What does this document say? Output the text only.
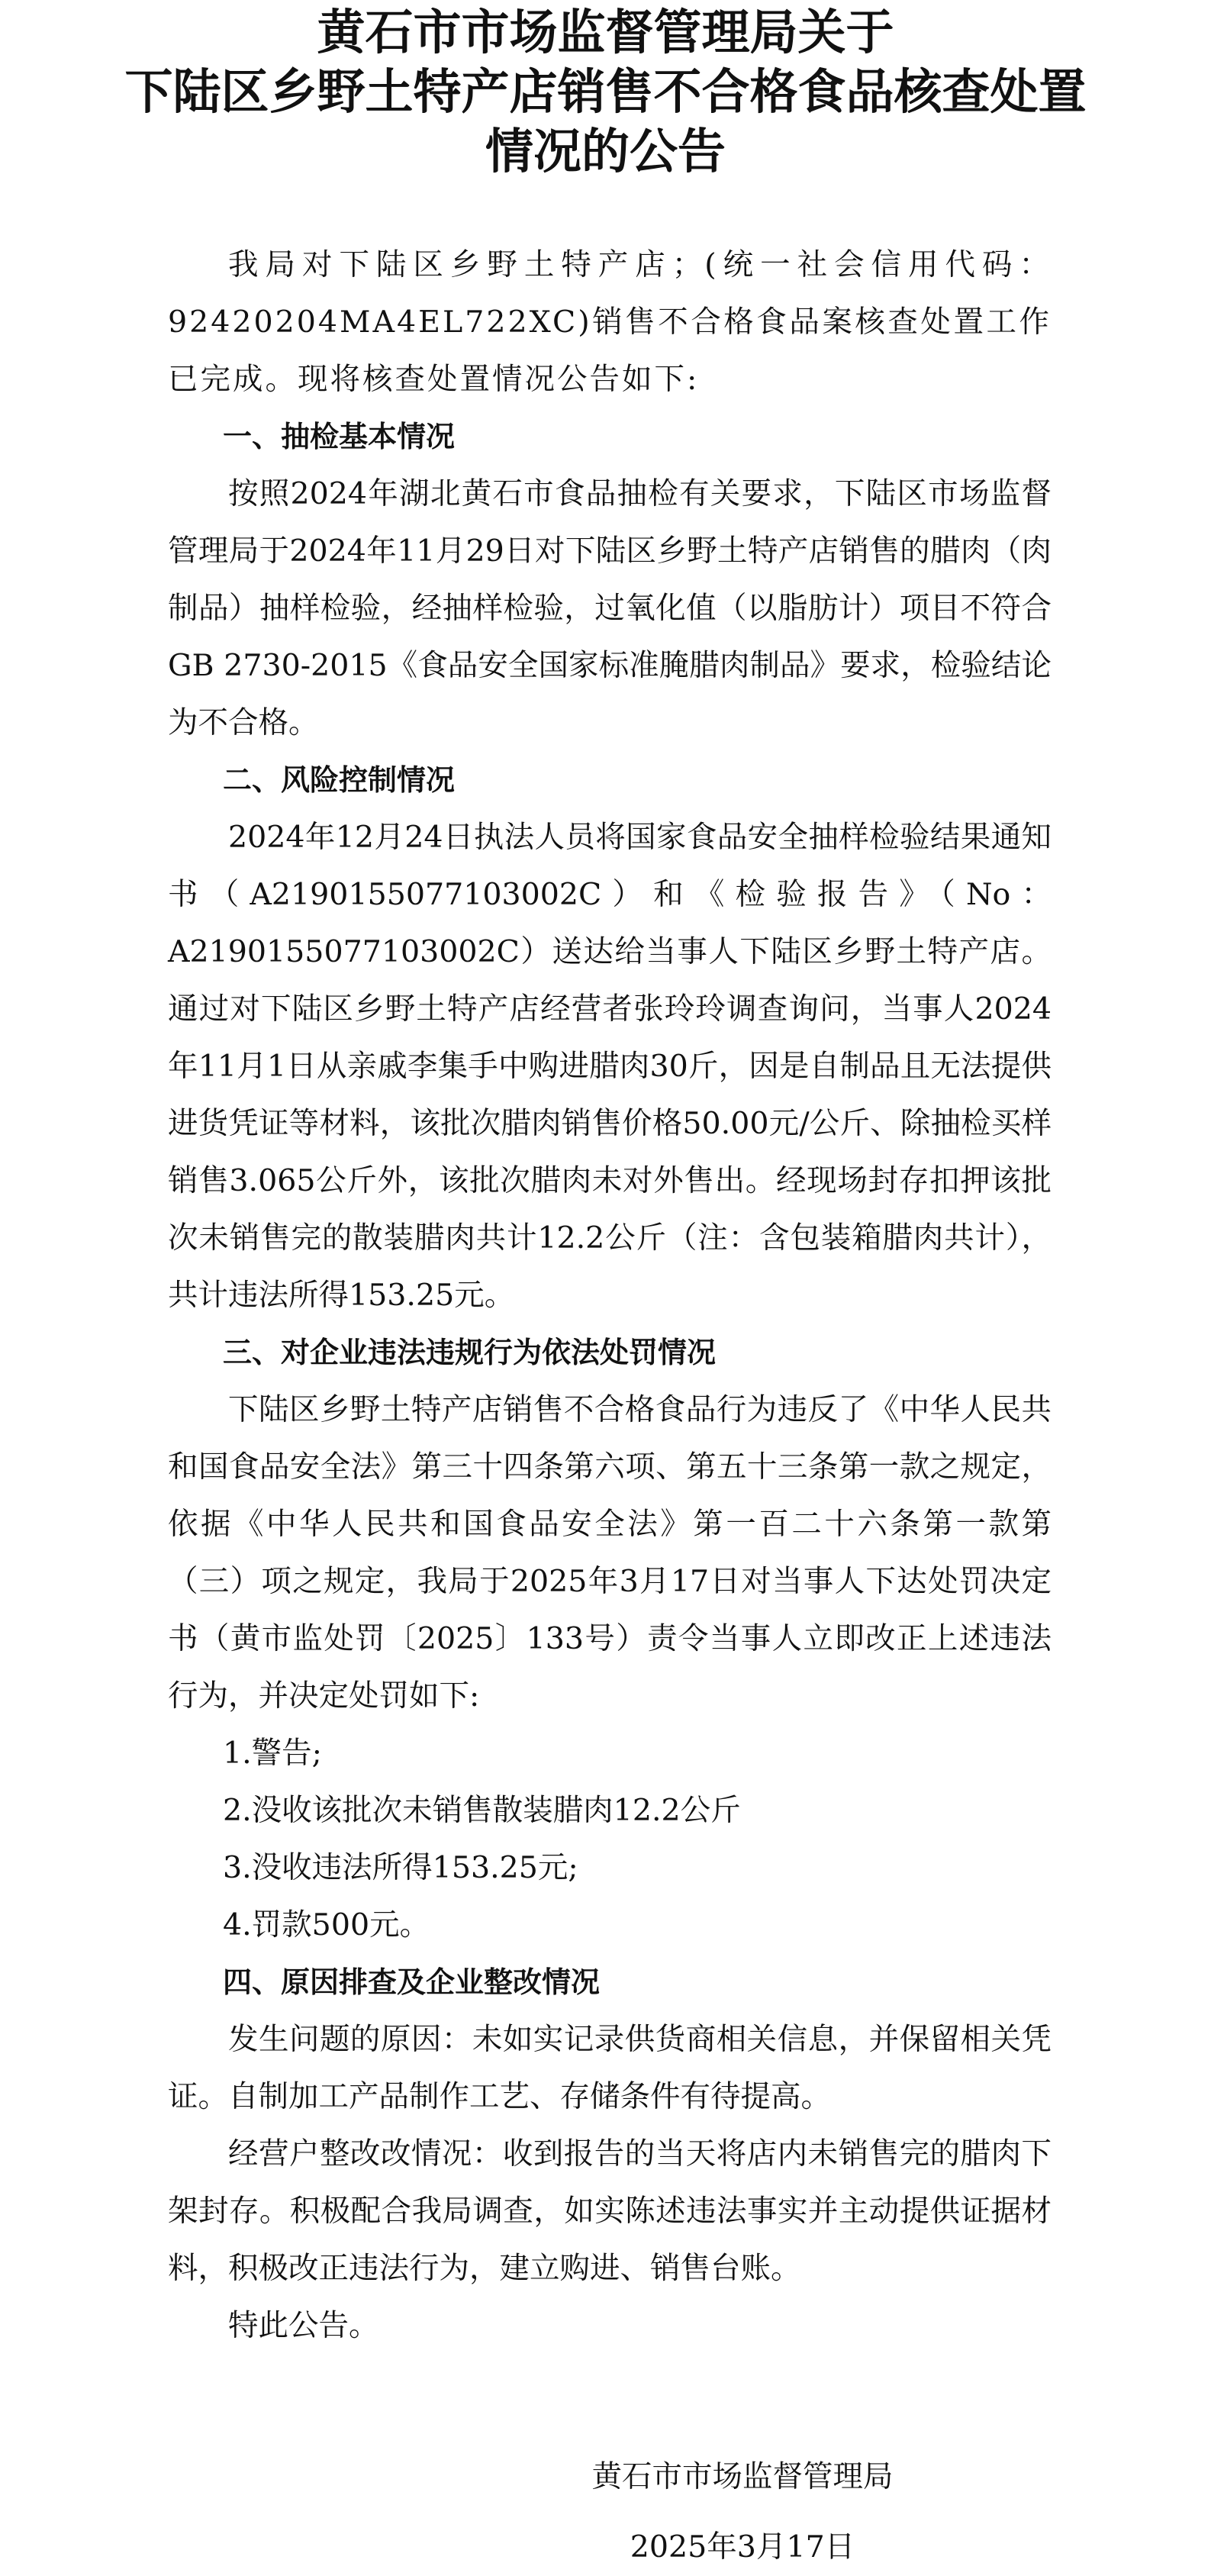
黄石市市场监督管理局关于
下陆区乡野土特产店销售不合格食品核查处置
情况的公告

我局对下陆区乡野土特产店；(统一社会信用代码：92420204MA4EL722XC)销售不合格食品案核查处置工作已完成。现将核查处置情况公告如下:

一、抽检基本情况

按照2024年湖北黄石市食品抽检有关要求，下陆区市场监督管理局于2024年11月29日对下陆区乡野土特产店销售的腊肉（肉制品）抽样检验，经抽样检验，过氧化值（以脂肪计）项目不符合GB 2730-2015《食品安全国家标准腌腊肉制品》要求，检验结论为不合格。

二、风险控制情况

2024年12月24日执法人员将国家食品安全抽样检验结果通知书（A2190155077103002C）和《检验报告》（No：A2190155077103002C）送达给当事人下陆区乡野土特产店。通过对下陆区乡野土特产店经营者张玲玲调查询问，当事人2024年11月1日从亲戚李集手中购进腊肉30斤，因是自制品且无法提供进货凭证等材料，该批次腊肉销售价格50.00元/公斤、除抽检买样销售3.065公斤外，该批次腊肉未对外售出。经现场封存扣押该批次未销售完的散装腊肉共计12.2公斤（注：含包装箱腊肉共计），共计违法所得153.25元。

三、对企业违法违规行为依法处罚情况

下陆区乡野土特产店销售不合格食品行为违反了《中华人民共和国食品安全法》第三十四条第六项、第五十三条第一款之规定，依据《中华人民共和国食品安全法》第一百二十六条第一款第（三）项之规定，我局于2025年3月17日对当事人下达处罚决定书（黄市监处罚〔2025〕133号）责令当事人立即改正上述违法行为，并决定处罚如下:

1.警告;

2.没收该批次未销售散装腊肉12.2公斤

3.没收违法所得153.25元;

4.罚款500元。

四、原因排查及企业整改情况

发生问题的原因：未如实记录供货商相关信息，并保留相关凭证。自制加工产品制作工艺、存储条件有待提高。

经营户整改改情况：收到报告的当天将店内未销售完的腊肉下架封存。积极配合我局调查，如实陈述违法事实并主动提供证据材料，积极改正违法行为，建立购进、销售台账。

特此公告。

黄石市市场监督管理局
2025年3月17日
